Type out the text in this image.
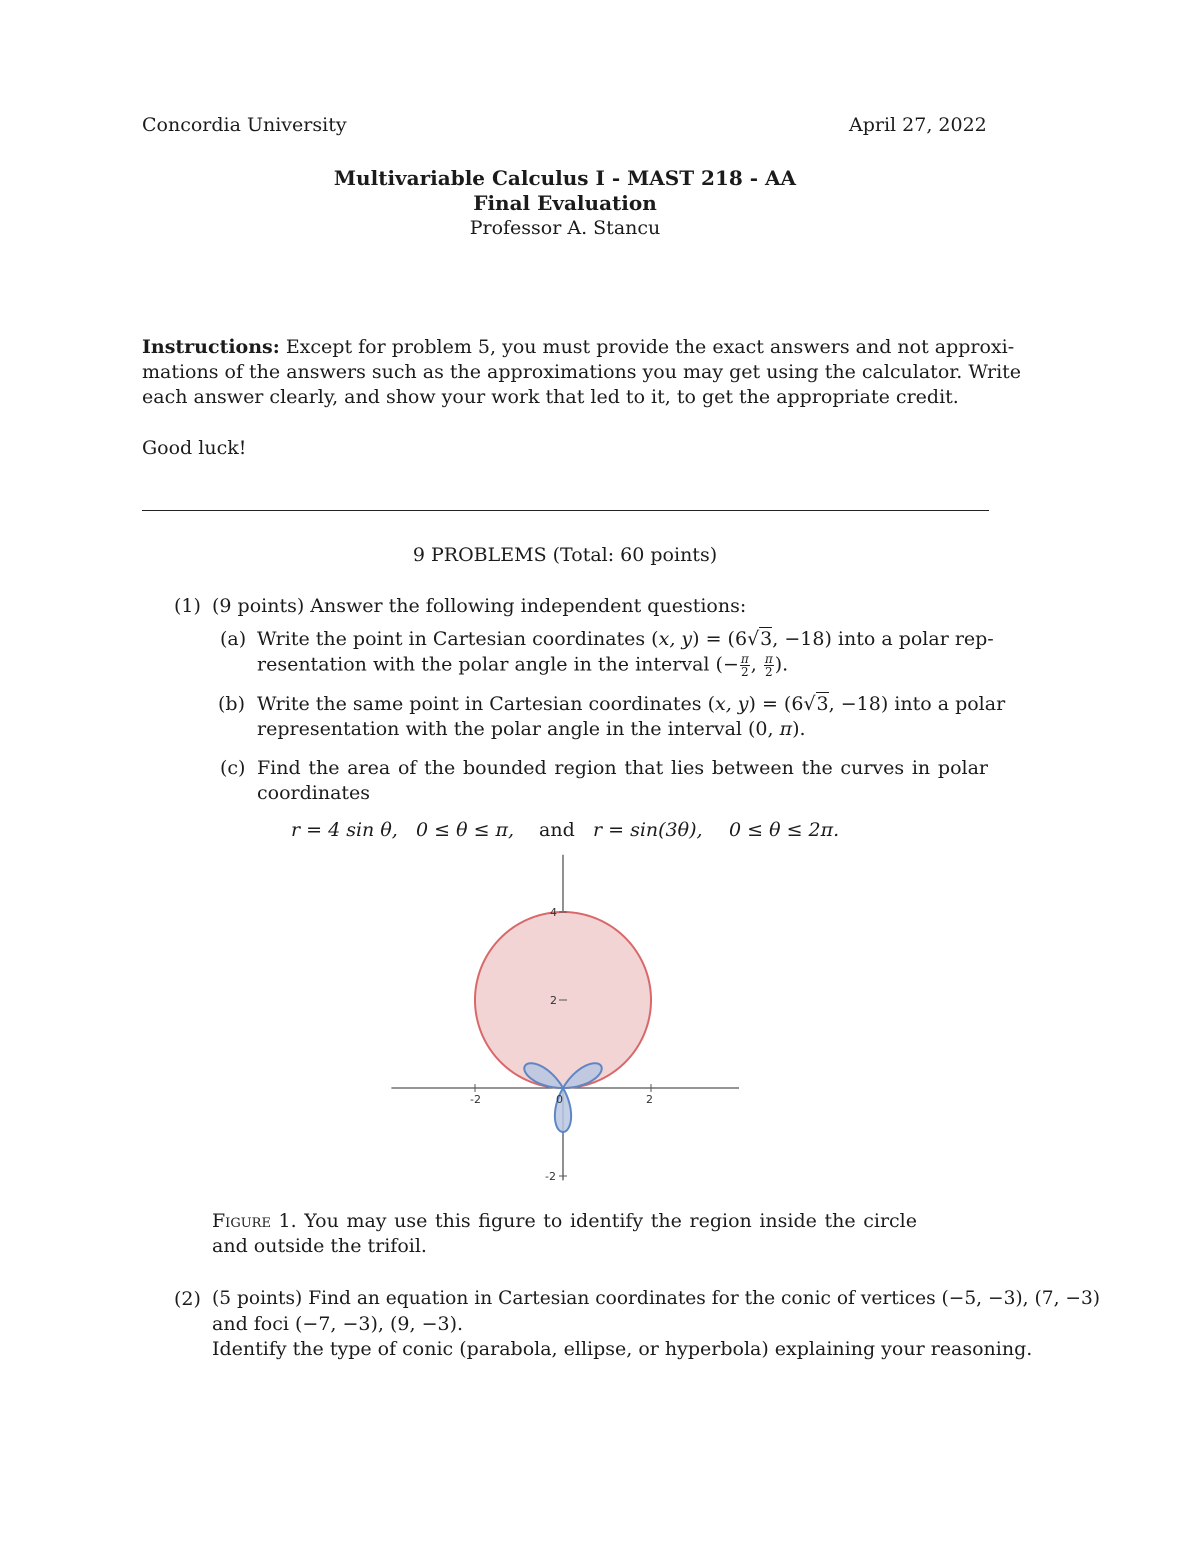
Concordia University	April 27, 2022
Multivariable Calculus I - MAST 218 - AA
Final Evaluation
Professor A. Stancu
Instructions: Except for problem 5, you must provide the exact answers and not approxi-
mations of the answers such as the approximations you may get using the calculator. Write
each answer clearly, and show your work that led to it, to get the appropriate credit.
Good luck!
9 PROBLEMS (Total: 60 points)
(1) (9 points) Answer the following independent questions:
(a) Write the point in Cartesian coordinates (x, y) = (6√3, −18) into a polar rep-
resentation with the polar angle in the interval (− $\frac{\pi}{2}$ , $\frac{\pi}{2}$ ).
(b) Write the same point in Cartesian coordinates (x, y) = (6√3, −18) into a polar
representation with the polar angle in the interval (0, π).
(c) Find the area of the bounded region that lies between the curves in polar
coordinates
r = 4 sin θ, 0 ≤ θ ≤ π, and r = sin(3θ), 0 ≤ θ ≤ 2π.
-2	0	2
4
2
-2
Figure 1. You may use this figure to identify the region inside the circle
and outside the trifoil.
(2) (5 points) Find an equation in Cartesian coordinates for the conic of vertices (−5, −3), (7, −3)
and foci (−7, −3), (9, −3).
Identify the type of conic (parabola, ellipse, or hyperbola) explaining your reasoning.
